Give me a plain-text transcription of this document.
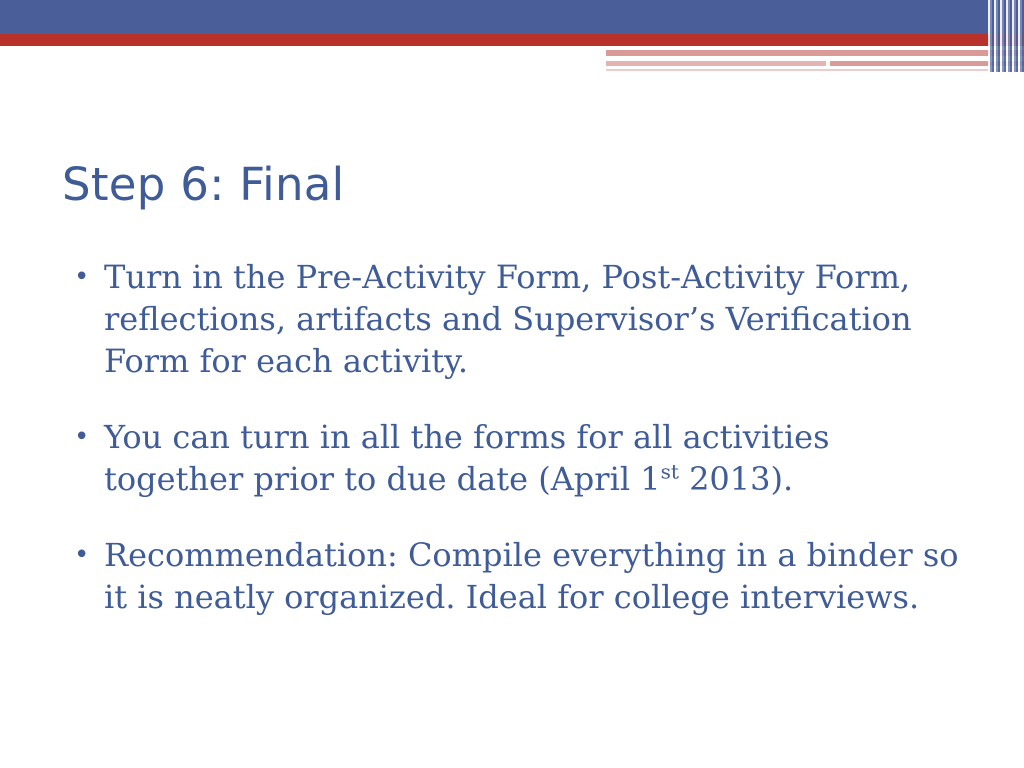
Step 6: Final
• Turn in the Pre-Activity Form, Post-Activity Form, reflections, artifacts and Supervisor’s Verification Form for each activity.
• You can turn in all the forms for all activities together prior to due date (April 1st 2013).
• Recommendation: Compile everything in a binder so it is neatly organized. Ideal for college interviews.
